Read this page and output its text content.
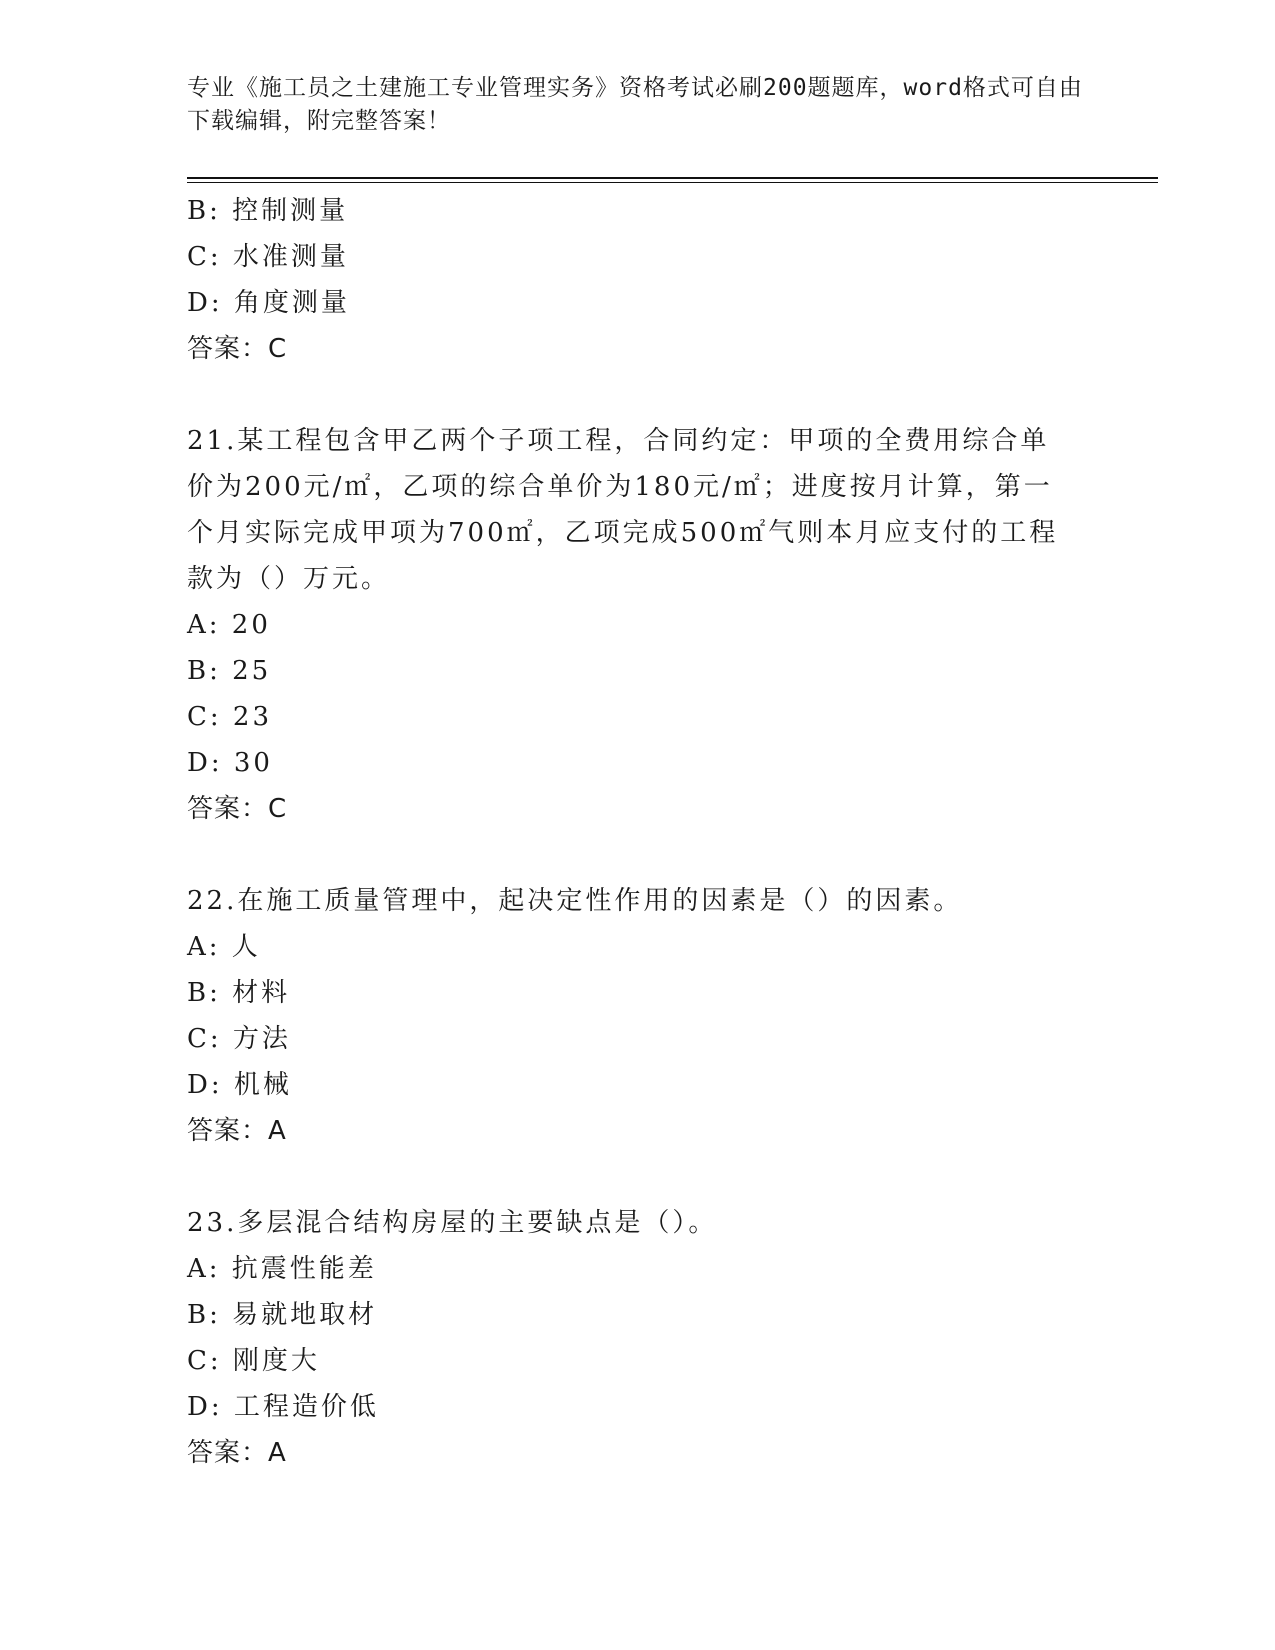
专业《施工员之土建施工专业管理实务》资格考试必刷200题题库，word格式可自由下载编辑，附完整答案！
B: 控制测量
C: 水准测量
D: 角度测量
答案：C
21.某工程包含甲乙两个子项工程，合同约定：甲项的全费用综合单价为200元/㎡，乙项的综合单价为180元/㎡；进度按月计算，第一个月实际完成甲项为700㎡，乙项完成500㎡气则本月应支付的工程款为（）万元。
A: 20
B: 25
C: 23
D: 30
答案：C
22.在施工质量管理中，起决定性作用的因素是（）的因素。
A: 人
B: 材料
C: 方法
D: 机械
答案：A
23.多层混合结构房屋的主要缺点是（）。
A: 抗震性能差
B: 易就地取材
C: 刚度大
D: 工程造价低
答案：A
